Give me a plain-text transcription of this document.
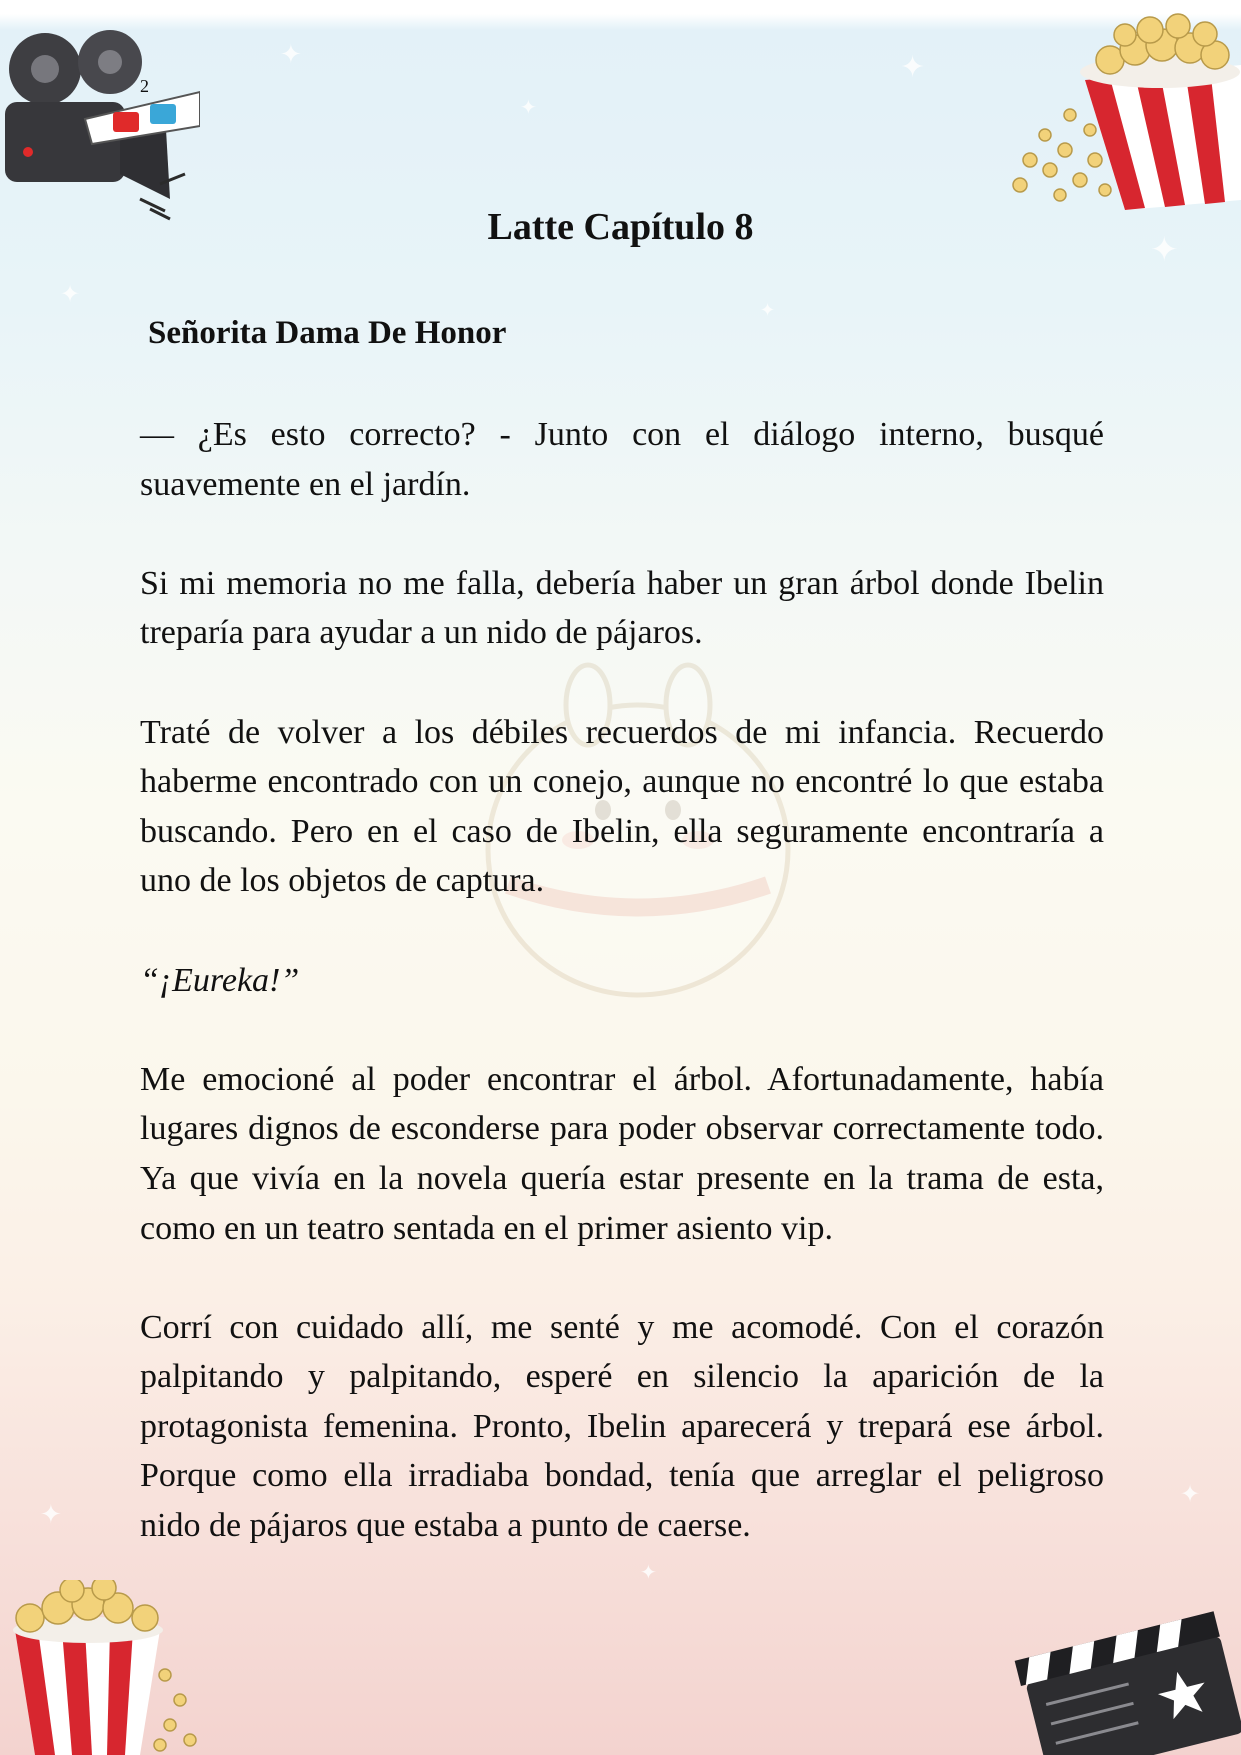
✦
✦
✦
✦
✦
✦
✦
✦
✦
2
Latte Capítulo 8
Señorita Dama De Honor

— ¿Es esto correcto? - Junto con el diálogo interno, busqué suavemente en el jardín.

Si mi memoria no me falla, debería haber un gran árbol donde Ibelin treparía para ayudar a un nido de pájaros.

Traté de volver a los débiles recuerdos de mi infancia. Recuerdo haberme encontrado con un conejo, aunque no encontré lo que estaba buscando. Pero en el caso de Ibelin, ella seguramente encontraría a uno de los objetos de captura.

“¡Eureka!”

Me emocioné al poder encontrar el árbol. Afortunadamente, había lugares dignos de esconderse para poder observar correctamente todo. Ya que vivía en la novela quería estar presente en la trama de esta, como en un teatro sentada en el primer asiento vip.

Corrí con cuidado allí, me senté y me acomodé. Con el corazón palpitando y palpitando, esperé en silencio la aparición de la protagonista femenina. Pronto, Ibelin aparecerá y trepará ese árbol. Porque como ella irradiaba bondad, tenía que arreglar el peligroso nido de pájaros que estaba a punto de caerse.
